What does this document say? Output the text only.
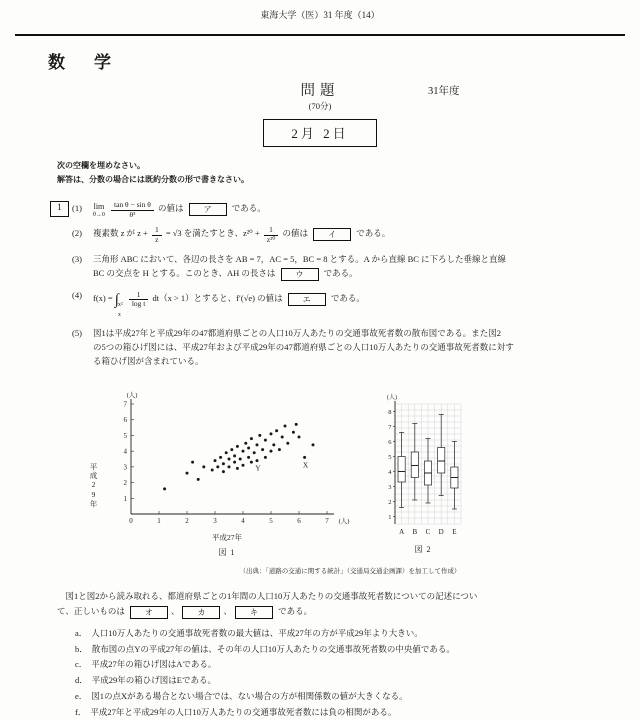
東海大学（医）31 年度（14）
数　学
問題	31年度
(70分)
2月 2日
次の空欄を埋めなさい。
解答は、分数の場合には既約分数の形で書きなさい。
1	(1) lim
θ→0
$\frac{\text{tan θ − sin θ}}{\text{θ³}}$ の値は	ア である。
(2) 複素数 z が $z + \frac{1}{z} = √3$ を満たすとき、$z^{20} + \frac{1}{\text{z²⁰}}$ の値は	イ である。
(3) 三角形 ABC において、各辺の長さを AB = 7，AC = 5，BC = 8 とする。A から直線 BC に下ろした垂線と直線
BC の交点を H とする。このとき、AH の長さは	ウ である。
(4) f(x) = ∫ x²
x

$\frac{1}{\text{log t}} dt(x > 1)$とすると、f′(√e) の値は	エ である。
(5) 図1は平成27年と平成29年の47都道府県ごとの人口10万人あたりの交通事故死者数の散布図である。また図2
の5つの箱ひげ図には、平成27年および平成29年の47都道府県ごとの人口10万人あたりの交通事故死者数に対す
る箱ひげ図が含まれている。
平成29年
0	1	2	3	4	5	6	7
1
2
3
4
5
6
7
(人)
(人)
Y	X
平成27年
図 1
1
2
3
4
5
6
7
8
(人)
A B C D E
図 2
（出典：「道路の交通に関する統計」（交通局交通企画課）を加工して作成）
　図1と図2から読み取れる、都道府県ごとの1年間の人口10万人あたりの交通事故死者数についての記述につい
て、正しいものは	オ 、 カ 、 キ である。
a． 人口10万人あたりの交通事故死者数の最大値は、平成27年の方が平成29年より大きい。
b． 散布図の点Yの平成27年の値は、その年の人口10万人あたりの交通事故死者数の中央値である。
c． 平成27年の箱ひげ図はAである。
d． 平成29年の箱ひげ図はEである。
e． 図1の点Xがある場合とない場合では、ない場合の方が相関係数の値が大きくなる。
f． 平成27年と平成29年の人口10万人あたりの交通事故死者数には負の相関がある。
